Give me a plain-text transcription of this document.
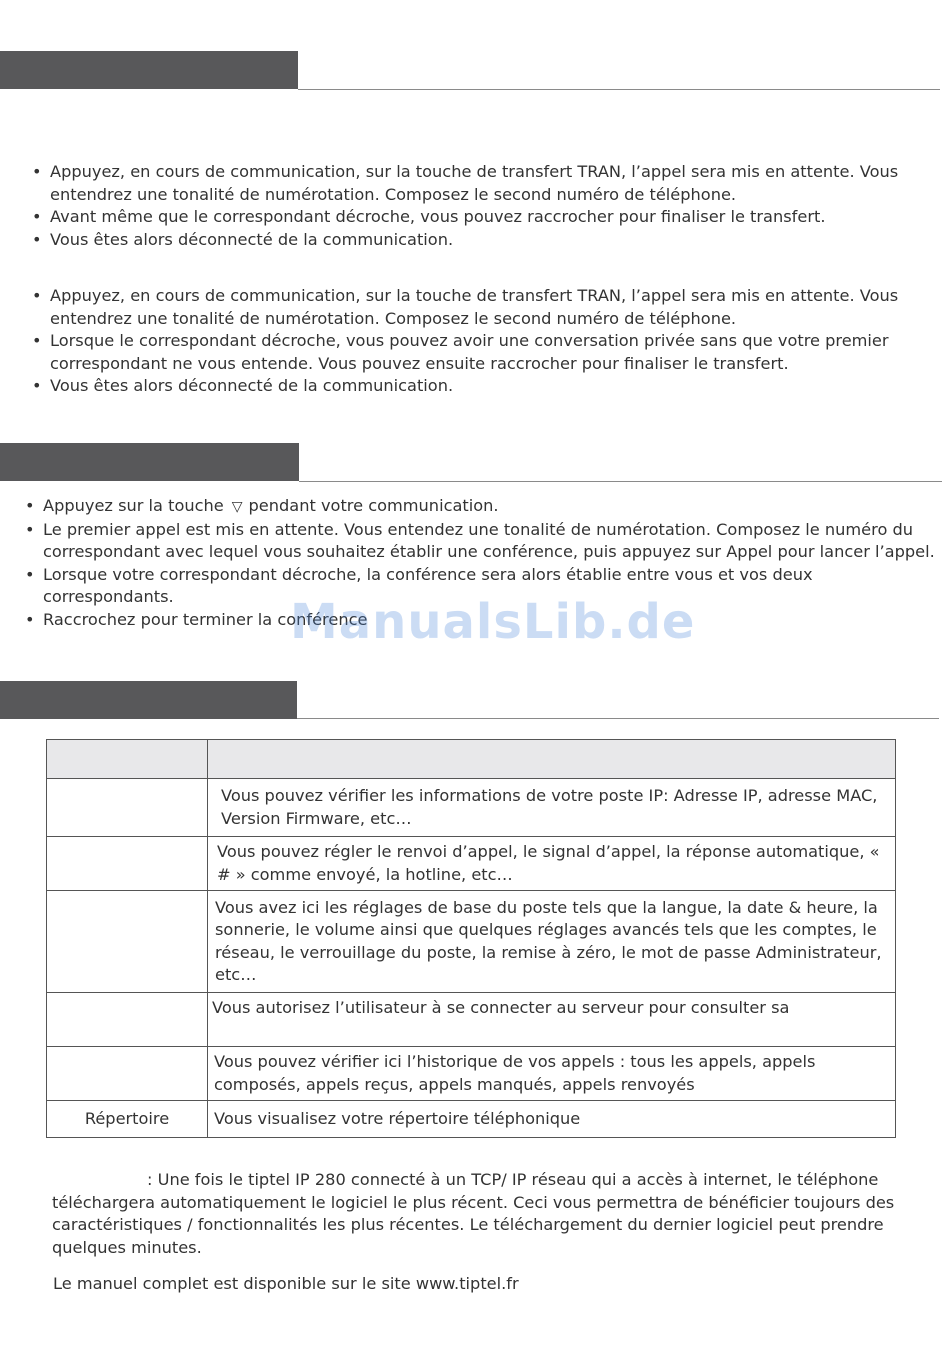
• Appuyez, en cours de communication, sur la touche de transfert TRAN, l’appel sera mis en attente. Vous entendrez une tonalité de numérotation. Composez le second numéro de téléphone.
• Avant même que le correspondant décroche, vous pouvez raccrocher pour finaliser le transfert.
• Vous êtes alors déconnecté de la communication.
• Appuyez, en cours de communication, sur la touche de transfert TRAN, l’appel sera mis en attente. Vous entendrez une tonalité de numérotation. Composez le second numéro de téléphone.
• Lorsque le correspondant décroche, vous pouvez avoir une conversation privée sans que votre premier correspondant ne vous entende. Vous pouvez ensuite raccrocher pour finaliser le transfert.
• Vous êtes alors déconnecté de la communication.
• Appuyez sur la touche ▽ pendant votre communication.
• Le premier appel est mis en attente. Vous entendez une tonalité de numérotation. Composez le numéro du correspondant avec lequel vous souhaitez établir une conférence, puis appuyez sur Appel pour lancer l’appel.
• Lorsque votre correspondant décroche, la conférence sera alors établie entre vous et vos deux correspondants.
• Raccrochez pour terminer la conférence
ManualsLib.de

	Vous pouvez vérifier les informations de votre poste IP: Adresse IP, adresse MAC, Version Firmware, etc…
	Vous pouvez régler le renvoi d’appel, le signal d’appel, la réponse automatique, « # » comme envoyé, la hotline, etc…
	Vous avez ici les réglages de base du poste tels que la langue, la date & heure, la sonnerie, le volume ainsi que quelques réglages avancés tels que les comptes, le réseau, le verrouillage du poste, la remise à zéro, le mot de passe Administrateur, etc…
	Vous autorisez l’utilisateur à se connecter au serveur pour consulter sa
	Vous pouvez vérifier ici l’historique de vos appels : tous les appels, appels composés, appels reçus, appels manqués, appels renvoyés
Répertoire	Vous visualisez votre répertoire téléphonique

: Une fois le tiptel IP 280 connecté à un TCP/ IP réseau qui a accès à internet, le téléphone téléchargera automatiquement le logiciel le plus récent. Ceci vous permettra de bénéficier toujours des caractéristiques / fonctionnalités les plus récentes. Le téléchargement du dernier logiciel peut prendre quelques minutes.

Le manuel complet est disponible sur le site www.tiptel.fr
